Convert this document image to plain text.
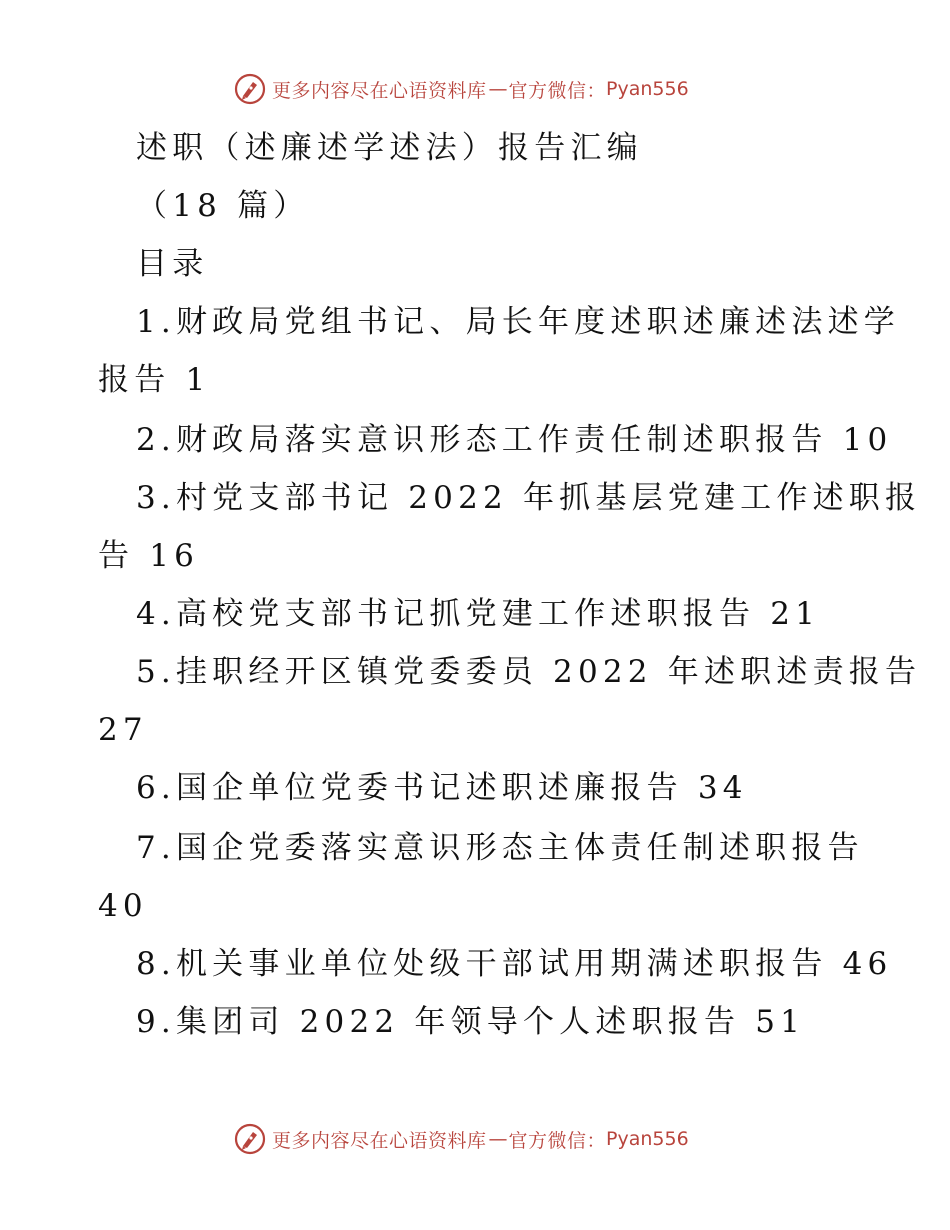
更多内容尽在心语资料库 — 官方微信： Pyan556
述职（述廉述学述法）报告汇编
（18 篇）
目录
1.财政局党组书记、局长年度述职述廉述法述学
报告 1
2.财政局落实意识形态工作责任制述职报告 10
3.村党支部书记 2022 年抓基层党建工作述职报
告 16
4.高校党支部书记抓党建工作述职报告 21
5.挂职经开区镇党委委员 2022 年述职述责报告
27
6.国企单位党委书记述职述廉报告 34
7.国企党委落实意识形态主体责任制述职报告
40
8.机关事业单位处级干部试用期满述职报告 46
9.集团司 2022 年领导个人述职报告 51
更多内容尽在心语资料库 — 官方微信： Pyan556
